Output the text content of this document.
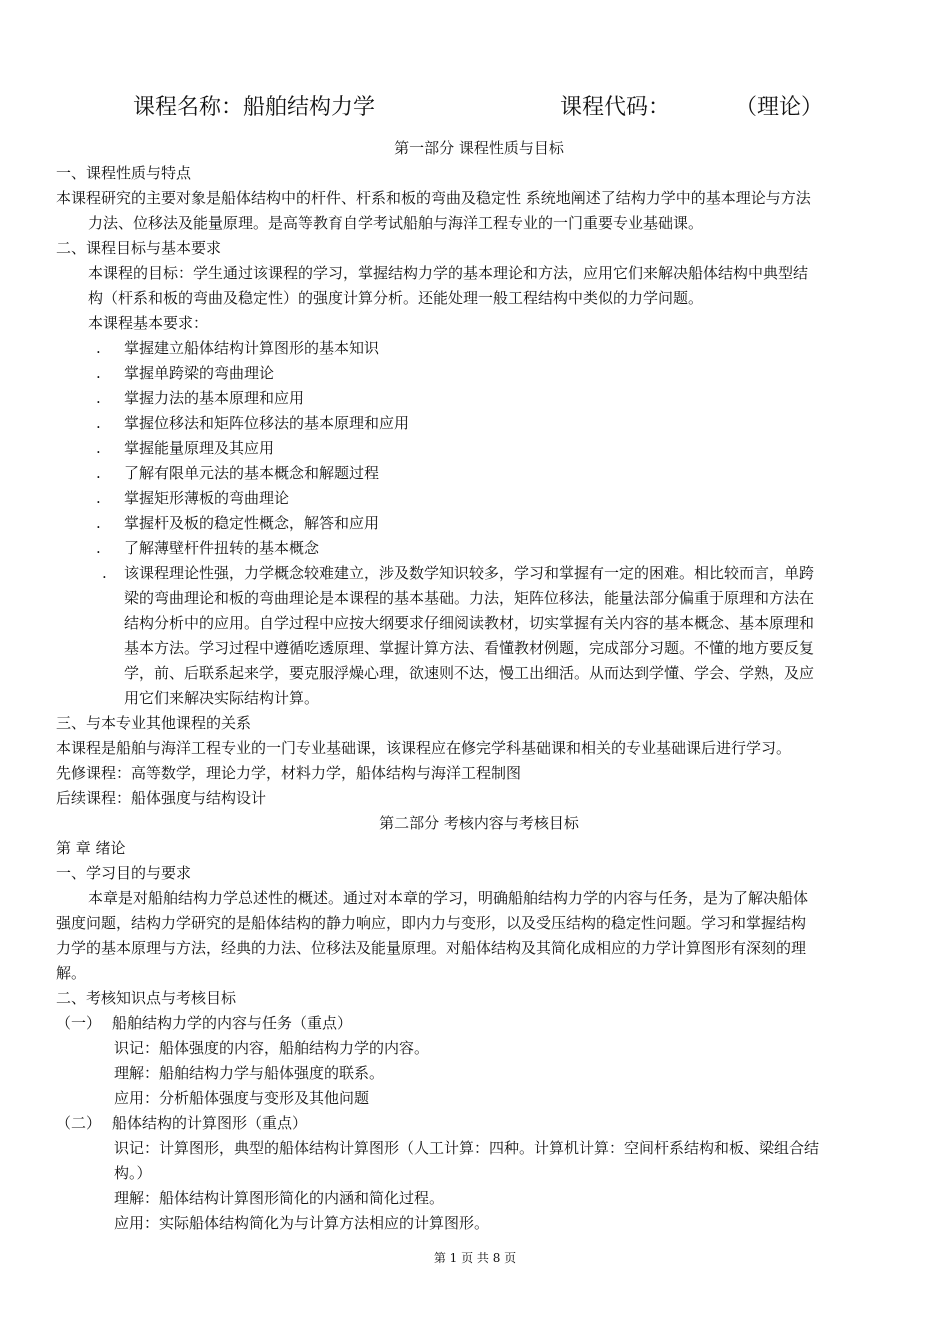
课程名称：船舶结构力学	课程代码：	（理论）
第一部分 课程性质与目标
一、课程性质与特点
本课程研究的主要对象是船体结构中的杆件、杆系和板的弯曲及稳定性 系统地阐述了结构力学中的基本理论与方法
力法、位移法及能量原理。是高等教育自学考试船舶与海洋工程专业的一门重要专业基础课。
二、课程目标与基本要求
本课程的目标：学生通过该课程的学习，掌握结构力学的基本理论和方法，应用它们来解决船体结构中典型结
构（杆系和板的弯曲及稳定性）的强度计算分析。还能处理一般工程结构中类似的力学问题。
本课程基本要求：
.	掌握建立船体结构计算图形的基本知识
.	掌握单跨梁的弯曲理论
.	掌握力法的基本原理和应用
.	掌握位移法和矩阵位移法的基本原理和应用
.	掌握能量原理及其应用
.	了解有限单元法的基本概念和解题过程
.	掌握矩形薄板的弯曲理论
.	掌握杆及板的稳定性概念，解答和应用
.	了解薄壁杆件扭转的基本概念
.	该课程理论性强，力学概念较难建立，涉及数学知识较多，学习和掌握有一定的困难。相比较而言，单跨
梁的弯曲理论和板的弯曲理论是本课程的基本基础。力法，矩阵位移法，能量法部分偏重于原理和方法在
结构分析中的应用。自学过程中应按大纲要求仔细阅读教材，切实掌握有关内容的基本概念、基本原理和
基本方法。学习过程中遵循吃透原理、掌握计算方法、看懂教材例题，完成部分习题。不懂的地方要反复
学，前、后联系起来学，要克服浮燥心理，欲速则不达，慢工出细活。从而达到学懂、学会、学熟，及应
用它们来解决实际结构计算。
三、与本专业其他课程的关系
本课程是船舶与海洋工程专业的一门专业基础课，该课程应在修完学科基础课和相关的专业基础课后进行学习。
先修课程：高等数学，理论力学，材料力学，船体结构与海洋工程制图
后续课程：船体强度与结构设计
第二部分 考核内容与考核目标
第 章 绪论
一、学习目的与要求
本章是对船舶结构力学总述性的概述。通过对本章的学习，明确船舶结构力学的内容与任务，是为了解决船体
强度问题，结构力学研究的是船体结构的静力响应，即内力与变形，以及受压结构的稳定性问题。学习和掌握结构
力学的基本原理与方法，经典的力法、位移法及能量原理。对船体结构及其简化成相应的力学计算图形有深刻的理
解。
二、考核知识点与考核目标
（一） 船舶结构力学的内容与任务（重点）
识记：船体强度的内容，船舶结构力学的内容。
理解：船舶结构力学与船体强度的联系。
应用：分析船体强度与变形及其他问题
（二） 船体结构的计算图形（重点）
识记：计算图形，典型的船体结构计算图形（人工计算：四种。计算机计算：空间杆系结构和板、梁组合结
构。）
理解：船体结构计算图形简化的内涵和简化过程。
应用：实际船体结构简化为与计算方法相应的计算图形。
第 1 页 共 8 页
